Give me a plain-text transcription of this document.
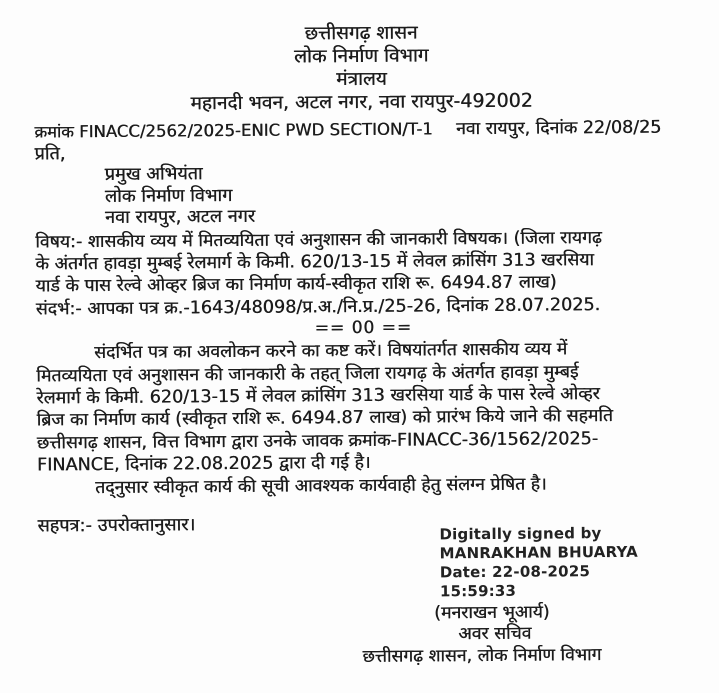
छत्तीसगढ़ शासन
लोक निर्माण विभाग
मंत्रालय
महानदी भवन, अटल नगर, नवा रायपुर-492002
क्रमांक FINACC/2562/2025-ENIC PWD SECTION/T-1 नवा रायपुर, दिनांक 22/08/25
प्रति,
प्रमुख अभियंता
लोक निर्माण विभाग
नवा रायपुर, अटल नगर
विषय:- शासकीय व्यय में मितव्ययिता एवं अनुशासन की जानकारी विषयक। (जिला रायगढ़
के अंतर्गत हावड़ा मुम्बई रेलमार्ग के किमी. 620/13-15 में लेवल क्रांसिंग 313 खरसिया
यार्ड के पास रेल्वे ओव्हर ब्रिज का निर्माण कार्य-स्वीकृत राशि रू. 6494.87 लाख)
संदर्भ:- आपका पत्र क्र.-1643/48098/प्र.अ./नि.प्र./25-26, दिनांक 28.07.2025.
== 00 ==
संदर्भित पत्र का अवलोकन करने का कष्ट करें। विषयांतर्गत शासकीय व्यय में
मितव्ययिता एवं अनुशासन की जानकारी के तहत् जिला रायगढ़ के अंतर्गत हावड़ा मुम्बई
रेलमार्ग के किमी. 620/13-15 में लेवल क्रांसिंग 313 खरसिया यार्ड के पास रेल्वे ओव्हर
ब्रिज का निर्माण कार्य (स्वीकृत राशि रू. 6494.87 लाख) को प्रारंभ किये जाने की सहमति
छत्तीसगढ़ शासन, वित्त विभाग द्वारा उनके जावक क्रमांक-FINACC-36/1562/2025-
FINANCE, दिनांक 22.08.2025 द्वारा दी गई है।
तद्नुसार स्वीकृत कार्य की सूची आवश्यक कार्यवाही हेतु संलग्न प्रेषित है।
सहपत्र:- उपरोक्तानुसार।	Digitally signed by
MANRAKHAN BHUARYA
Date: 22-08-2025
15:59:33
(मनराखन भूआर्य)
अवर सचिव
छत्तीसगढ़ शासन, लोक निर्माण विभाग
